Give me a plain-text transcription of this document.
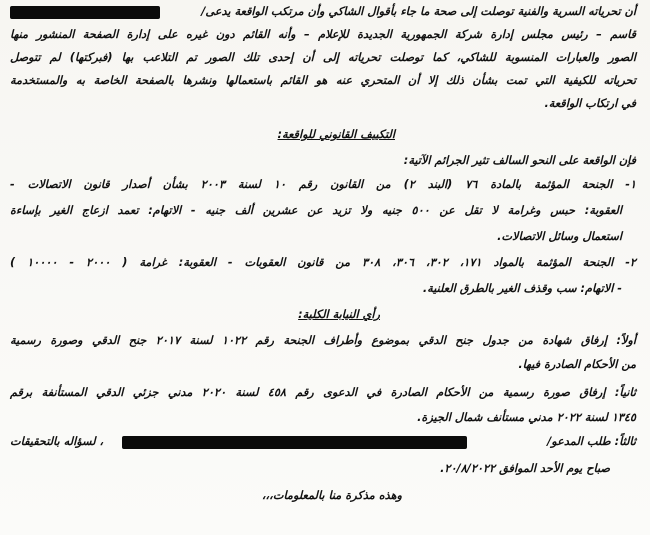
أن تحرياته السرية والفنية توصلت إلى صحة ما جاء بأقوال الشاكي وأن مرتكب الواقعة يدعى/
قاسم – رئيس مجلس إدارة شركة الجمهورية الجديدة للإعلام – وأنه القائم دون غيره على إدارة الصفحة المنشور منها
الصور والعبارات المنسوبة للشاكي، كما توصلت تحرياته إلى أن إحدى تلك الصور تم التلاعب بها (فبركتها) لم تتوصل
تحرياته للكيفية التي تمت بشأن ذلك إلا أن المتحري عنه هو القائم باستعمالها ونشرها بالصفحة الخاصة به والمستخدمة
في ارتكاب الواقعة.
التكييف القانوني للواقعة:
فإن الواقعة على النحو السالف تثير الجرائم الآتية:
١- الجنحة المؤثمة بالمادة ٧٦ (البند ٢) من القانون رقم ١٠ لسنة ٢٠٠٣ بشأن أصدار قانون الاتصالات -
العقوبة: حبس وغرامة لا تقل عن ٥٠٠ جنيه ولا تزيد عن عشرين ألف جنيه - الاتهام: تعمد ازعاج الغير بإساءة
استعمال وسائل الاتصالات.
٢- الجنحة المؤثمة بالمواد ١٧١، ٣٠٢، ٣٠٦، ٣٠٨ من قانون العقوبات - العقوبة: غرامة ( ٢٠٠٠ - ١٠٠٠٠ )
- الاتهام: سب وقذف الغير بالطرق العلنية.
رأي النيابة الكلية:
أولاً: إرفاق شهادة من جدول جنح الدقي بموضوع وأطراف الجنحة رقم ١٠٢٢ لسنة ٢٠١٧ جنح الدقي وصورة رسمية
من الأحكام الصادرة فيها.
ثانياً: إرفاق صورة رسمية من الأحكام الصادرة في الدعوى رقم ٤٥٨ لسنة ٢٠٢٠ مدني جزئي الدقي المستأنفة برقم
١٣٤٥ لسنة ٢٠٢٢ مدني مستأنف شمال الجيزة.
ثالثاً: طلب المدعو/
، لسؤاله بالتحقيقات
صباح يوم الأحد الموافق ٢٠/٨/٢٠٢٢.
وهذه مذكرة منا بالمعلومات،،،
